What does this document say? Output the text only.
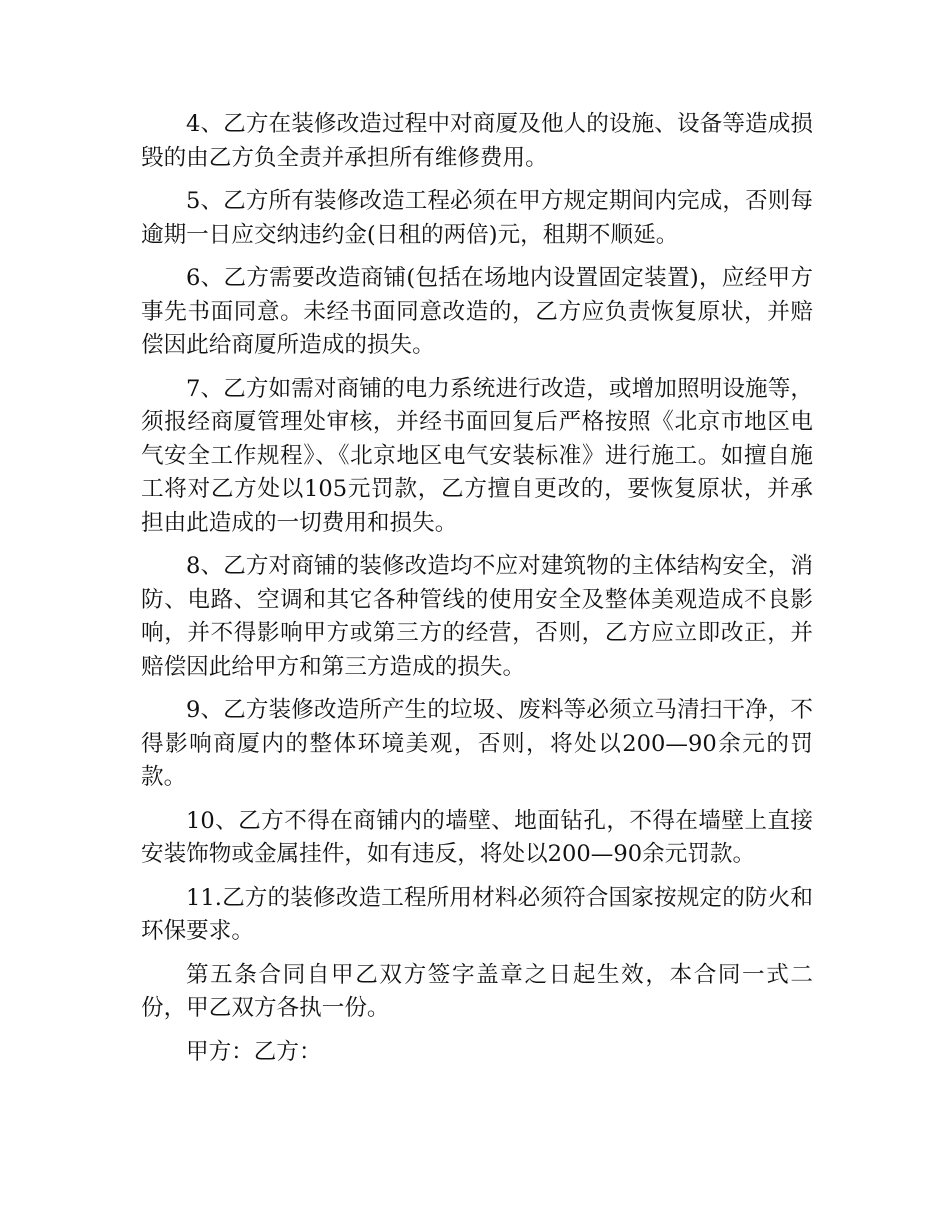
4、乙方在装修改造过程中对商厦及他人的设施、设备等造成损毁的由乙方负全责并承担所有维修费用。

5、乙方所有装修改造工程必须在甲方规定期间内完成，否则每逾期一日应交纳违约金(日租的两倍)元，租期不顺延。

6、乙方需要改造商铺(包括在场地内设置固定装置)，应经甲方事先书面同意。未经书面同意改造的，乙方应负责恢复原状，并赔偿因此给商厦所造成的损失。

7、乙方如需对商铺的电力系统进行改造，或增加照明设施等，须报经商厦管理处审核，并经书面回复后严格按照《北京市地区电气安全工作规程》、《北京地区电气安装标准》进行施工。如擅自施工将对乙方处以105元罚款，乙方擅自更改的，要恢复原状，并承担由此造成的一切费用和损失。

8、乙方对商铺的装修改造均不应对建筑物的主体结构安全，消防、电路、空调和其它各种管线的使用安全及整体美观造成不良影响，并不得影响甲方或第三方的经营，否则，乙方应立即改正，并赔偿因此给甲方和第三方造成的损失。

9、乙方装修改造所产生的垃圾、废料等必须立马清扫干净，不得影响商厦内的整体环境美观，否则，将处以200—90余元的罚款。

10、乙方不得在商铺内的墙壁、地面钻孔，不得在墙壁上直接安装饰物或金属挂件，如有违反，将处以200—90余元罚款。

11.乙方的装修改造工程所用材料必须符合国家按规定的防火和环保要求。

第五条合同自甲乙双方签字盖章之日起生效，本合同一式二份，甲乙双方各执一份。

甲方：乙方：
